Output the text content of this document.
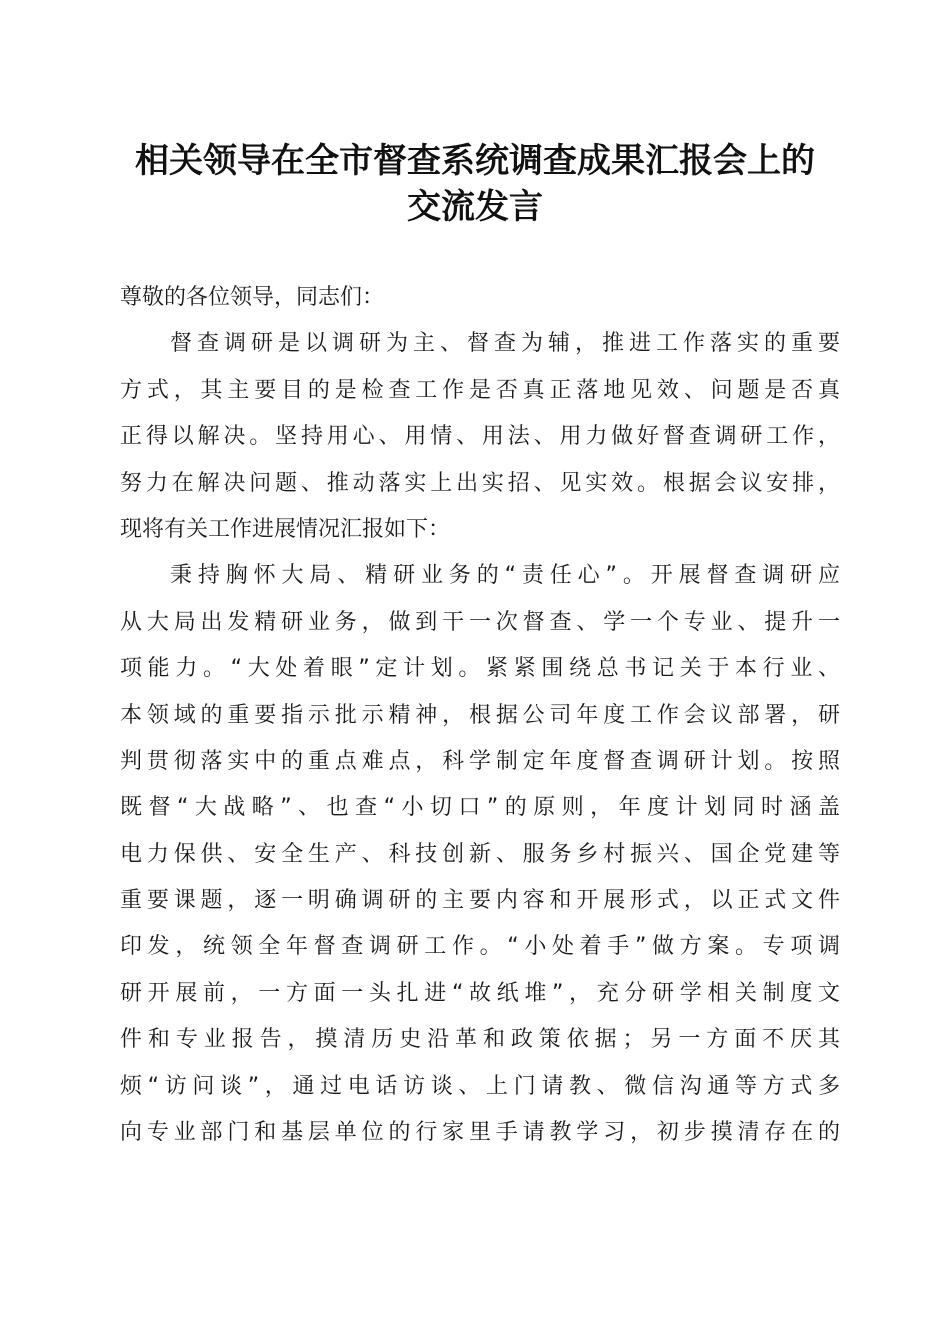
相关领导在全市督查系统调查成果汇报会上的
交流发言
尊敬的各位领导，同志们：
督查调研是以调研为主、督查为辅，推进工作落实的重要
方式，其主要目的是检查工作是否真正落地见效、问题是否真
正得以解决。坚持用心、用情、用法、用力做好督查调研工作，
努力在解决问题、推动落实上出实招、见实效。根据会议安排，
现将有关工作进展情况汇报如下：
秉持胸怀大局、精研业务的“责任心”。开展督查调研应
从大局出发精研业务，做到干一次督查、学一个专业、提升一
项能力。“大处着眼”定计划。紧紧围绕总书记关于本行业、
本领域的重要指示批示精神，根据公司年度工作会议部署，研
判贯彻落实中的重点难点，科学制定年度督查调研计划。按照
既督“大战略”、也查“小切口”的原则，年度计划同时涵盖
电力保供、安全生产、科技创新、服务乡村振兴、国企党建等
重要课题，逐一明确调研的主要内容和开展形式，以正式文件
印发，统领全年督查调研工作。“小处着手”做方案。专项调
研开展前，一方面一头扎进“故纸堆”，充分研学相关制度文
件和专业报告，摸清历史沿革和政策依据；另一方面不厌其
烦“访问谈”，通过电话访谈、上门请教、微信沟通等方式多
向专业部门和基层单位的行家里手请教学习，初步摸清存在的
